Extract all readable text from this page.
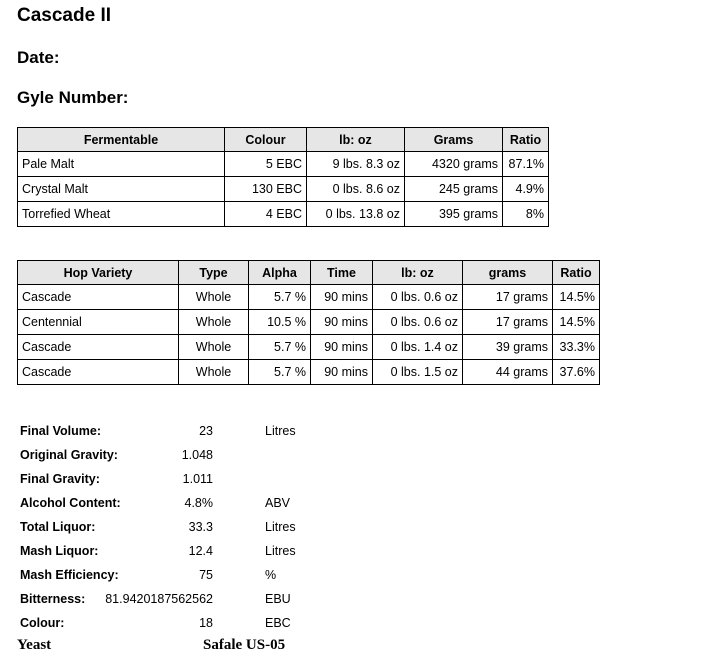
Cascade II
Date:
Gyle Number:
Fermentable	Colour	lb: oz	Grams	Ratio
Pale Malt	5 EBC	9 lbs. 8.3 oz	4320 grams	87.1%
Crystal Malt	130 EBC	0 lbs. 8.6 oz	245 grams	4.9%
Torrefied Wheat	4 EBC	0 lbs. 13.8 oz	395 grams	8%
Hop Variety	Type	Alpha	Time	lb: oz	grams	Ratio
Cascade	Whole	5.7 %	90 mins	0 lbs. 0.6 oz	17 grams	14.5%
Centennial	Whole	10.5 %	90 mins	0 lbs. 0.6 oz	17 grams	14.5%
Cascade	Whole	5.7 %	90 mins	0 lbs. 1.4 oz	39 grams	33.3%
Cascade	Whole	5.7 %	90 mins	0 lbs. 1.5 oz	44 grams	37.6%
Final Volume:	23	Litres
Original Gravity:	1.048
Final Gravity:	1.011
Alcohol Content:	4.8%	ABV
Total Liquor:	33.3	Litres
Mash Liquor:	12.4	Litres
Mash Efficiency:	75	%
Bitterness: 81.9420187562562	EBU
Colour:	18	EBC
Yeast	Safale US-05
